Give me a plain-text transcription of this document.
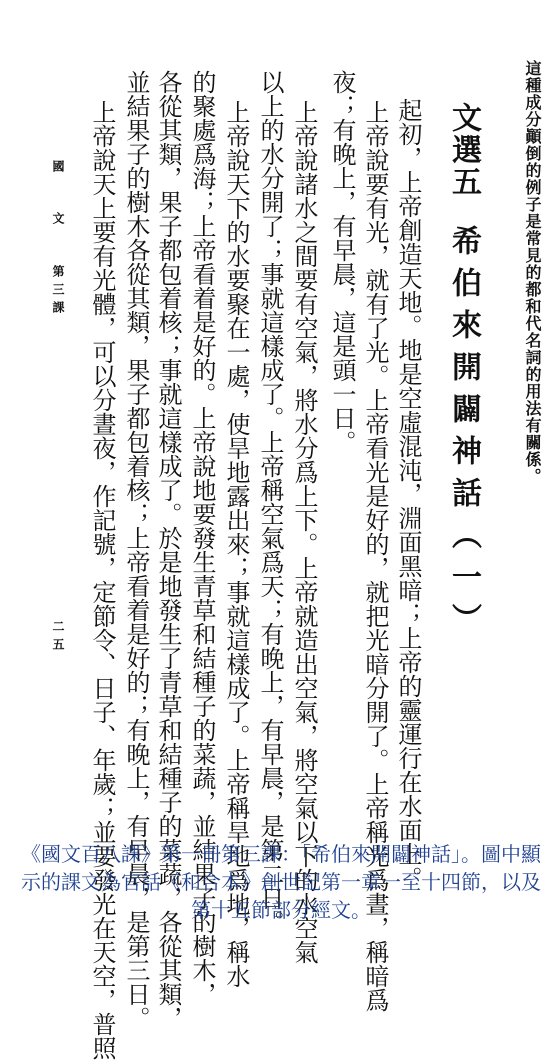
這種成分顚倒的例子是常見的都和代名詞的用法有關係。
文選五
希伯來開闢神話（一）
起初，上帝創造天地。地是空虛混沌，淵面黑暗；上帝的靈運行在水面上。
上帝說要有光，就有了光。上帝看光是好的，就把光暗分開了。上帝稱光爲晝，稱暗爲
夜；有晚上，有早晨，這是頭一日。
上帝說諸水之間要有空氣，將水分爲上下。上帝就造出空氣，將空氣以下的水空氣
以上的水分開了；事就這樣成了。上帝稱空氣爲天；有晚上，有早晨，是第二日。
上帝說天下的水要聚在一處，使旱地露出來；事就這樣成了。上帝稱旱地爲地，稱水
的聚處爲海；上帝看着是好的。上帝說地要發生青草和結種子的菜蔬，並結果子的樹木，
各從其類，果子都包着核；事就這樣成了。於是地發生了青草和結種子的菜蔬，各從其類，
並結果子的樹木各從其類，果子都包着核；上帝看着是好的；有晚上，有早晨，是第三日。
上帝說天上要有光體，可以分晝夜，作記號，定節令、日子、年歲；並要發光在天空，普照
國
文
第三課
二五
《國文百八課》第一冊第三課：「希伯來開闢神話」。圖中顯示的課文為官話《和合本》創世記第一章一至十四節，以及第十五節部分經文。
